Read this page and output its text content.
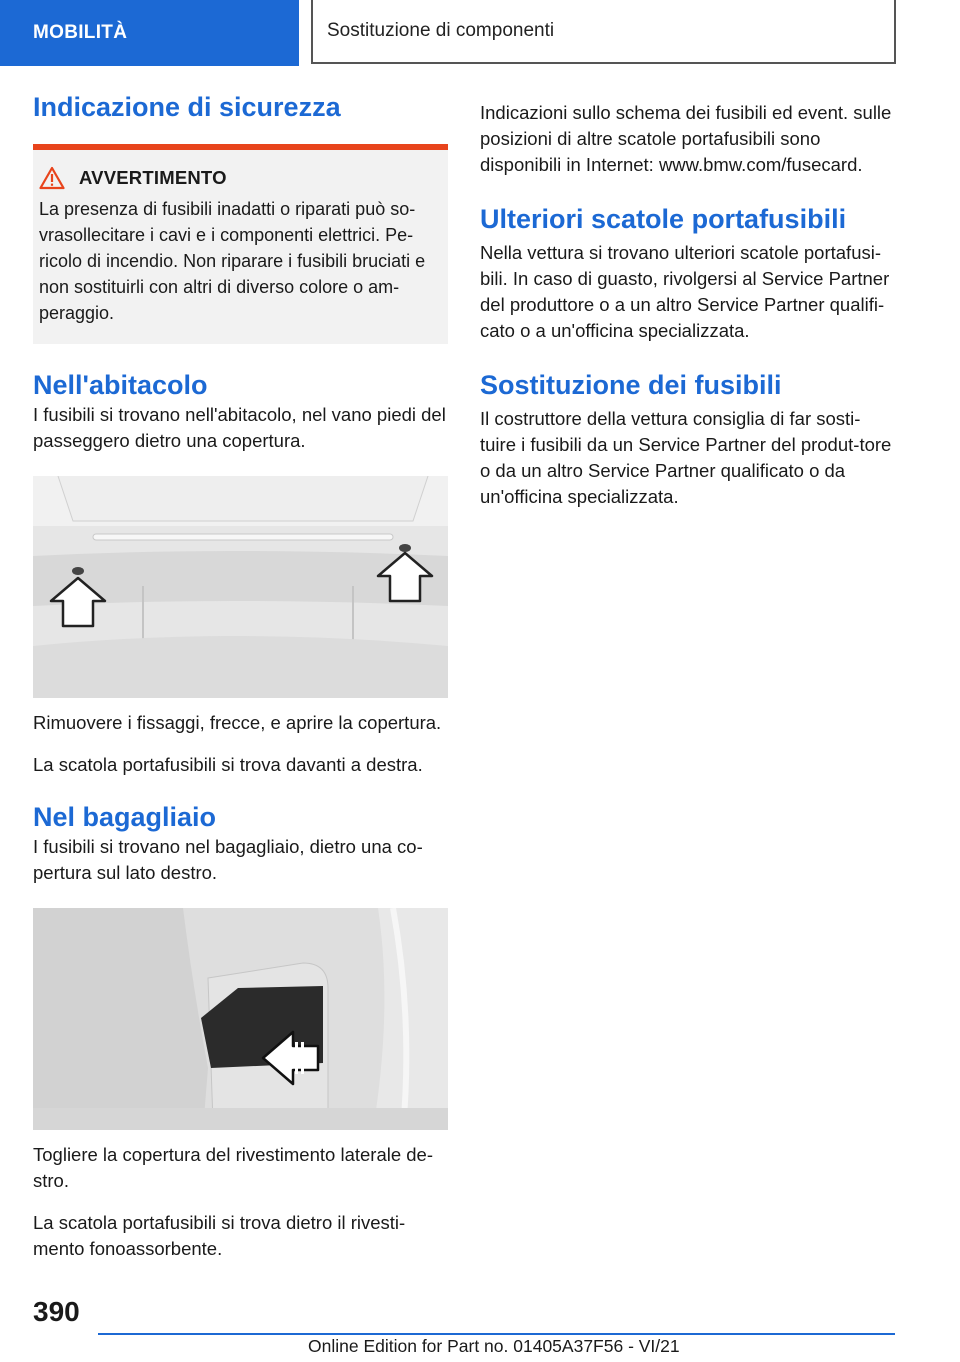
MOBILITÀ	Sostituzione di componenti
Indicazione di sicurezza
AVVERTIMENTO

La presenza di fusibili inadatti o riparati può so-vrasollecitare i cavi e i componenti elettrici. Pe-ricolo di incendio. Non riparare i fusibili bruciati e non sostituirli con altri di diverso colore o am-peraggio.

Nell'abitacolo

I fusibili si trovano nell'abitacolo, nel vano piedi del passeggero dietro una copertura.

Rimuovere i fissaggi, frecce, e aprire la copertura.

La scatola portafusibili si trova davanti a destra.

Nel bagagliaio

I fusibili si trovano nel bagagliaio, dietro una co-pertura sul lato destro.

Togliere la copertura del rivestimento laterale de-stro.

La scatola portafusibili si trova dietro il rivesti-mento fonoassorbente.

Indicazioni sullo schema dei fusibili ed event. sulle posizioni di altre scatole portafusibili sono disponibili in Internet: www.bmw.com/fusecard.

Ulteriori scatole portafusibili

Nella vettura si trovano ulteriori scatole portafusi-bili. In caso di guasto, rivolgersi al Service Partner del produttore o a un altro Service Partner qualifi-cato o a un'officina specializzata.

Sostituzione dei fusibili

Il costruttore della vettura consiglia di far sosti-tuire i fusibili da un Service Partner del produt-tore o da un altro Service Partner qualificato o da un'officina specializzata.

390
Online Edition for Part no. 01405A37F56 - VI/21
